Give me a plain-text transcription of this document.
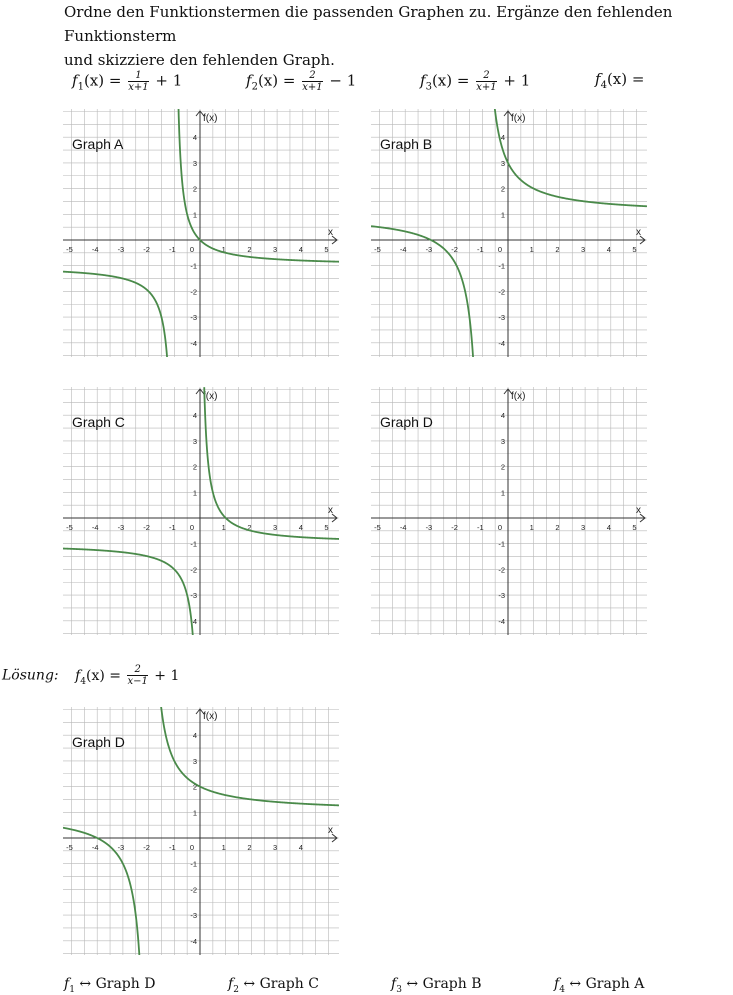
Ordne den Funktionstermen die passenden Graphen zu. Ergänze den fehlenden Funktionsterm

und skizziere den fehlenden Graph.

$f_1(x) = \frac{1}{x+1} + 1$	$f_2(x) = \frac{2}{x+1} - 1$	$f_3(x) = \frac{2}{x+1} + 1$	$f_4(x)$ =
x
f(x)
-5	-4	-3	-2	-1 0	1	2	3	4	5
4
3
2
1
-1
-2
-3
-4
Graph A
x
f(x)
-5	-4	-3	-2	-1 0	1	2	3	4	5
4
3
2
1
-1
-2
-3
-4
Graph B
x
f(x)
-5	-4	-3	-2	-1 0	1	2	3	4	5
4
3
2
1
-1
-2
-3
-4
Graph C
x
f(x)
-5	-4	-3	-2	-1 0	1	2	3	4	5
4
3
2
1
-1
-2
-3
-4
Graph D
Lösung: $f_4(x) = \frac{2}{x-1} + 1$
x
f(x)
-5	-4	-3	-2	-1 0	1	2	3	4
4
3
2
1
-1
-2
-3
-4
Graph D
$f_1$ ↔ Graph D	$f_2$ ↔ Graph C	$f_3$ ↔ Graph B	$f_4$ ↔ Graph A
